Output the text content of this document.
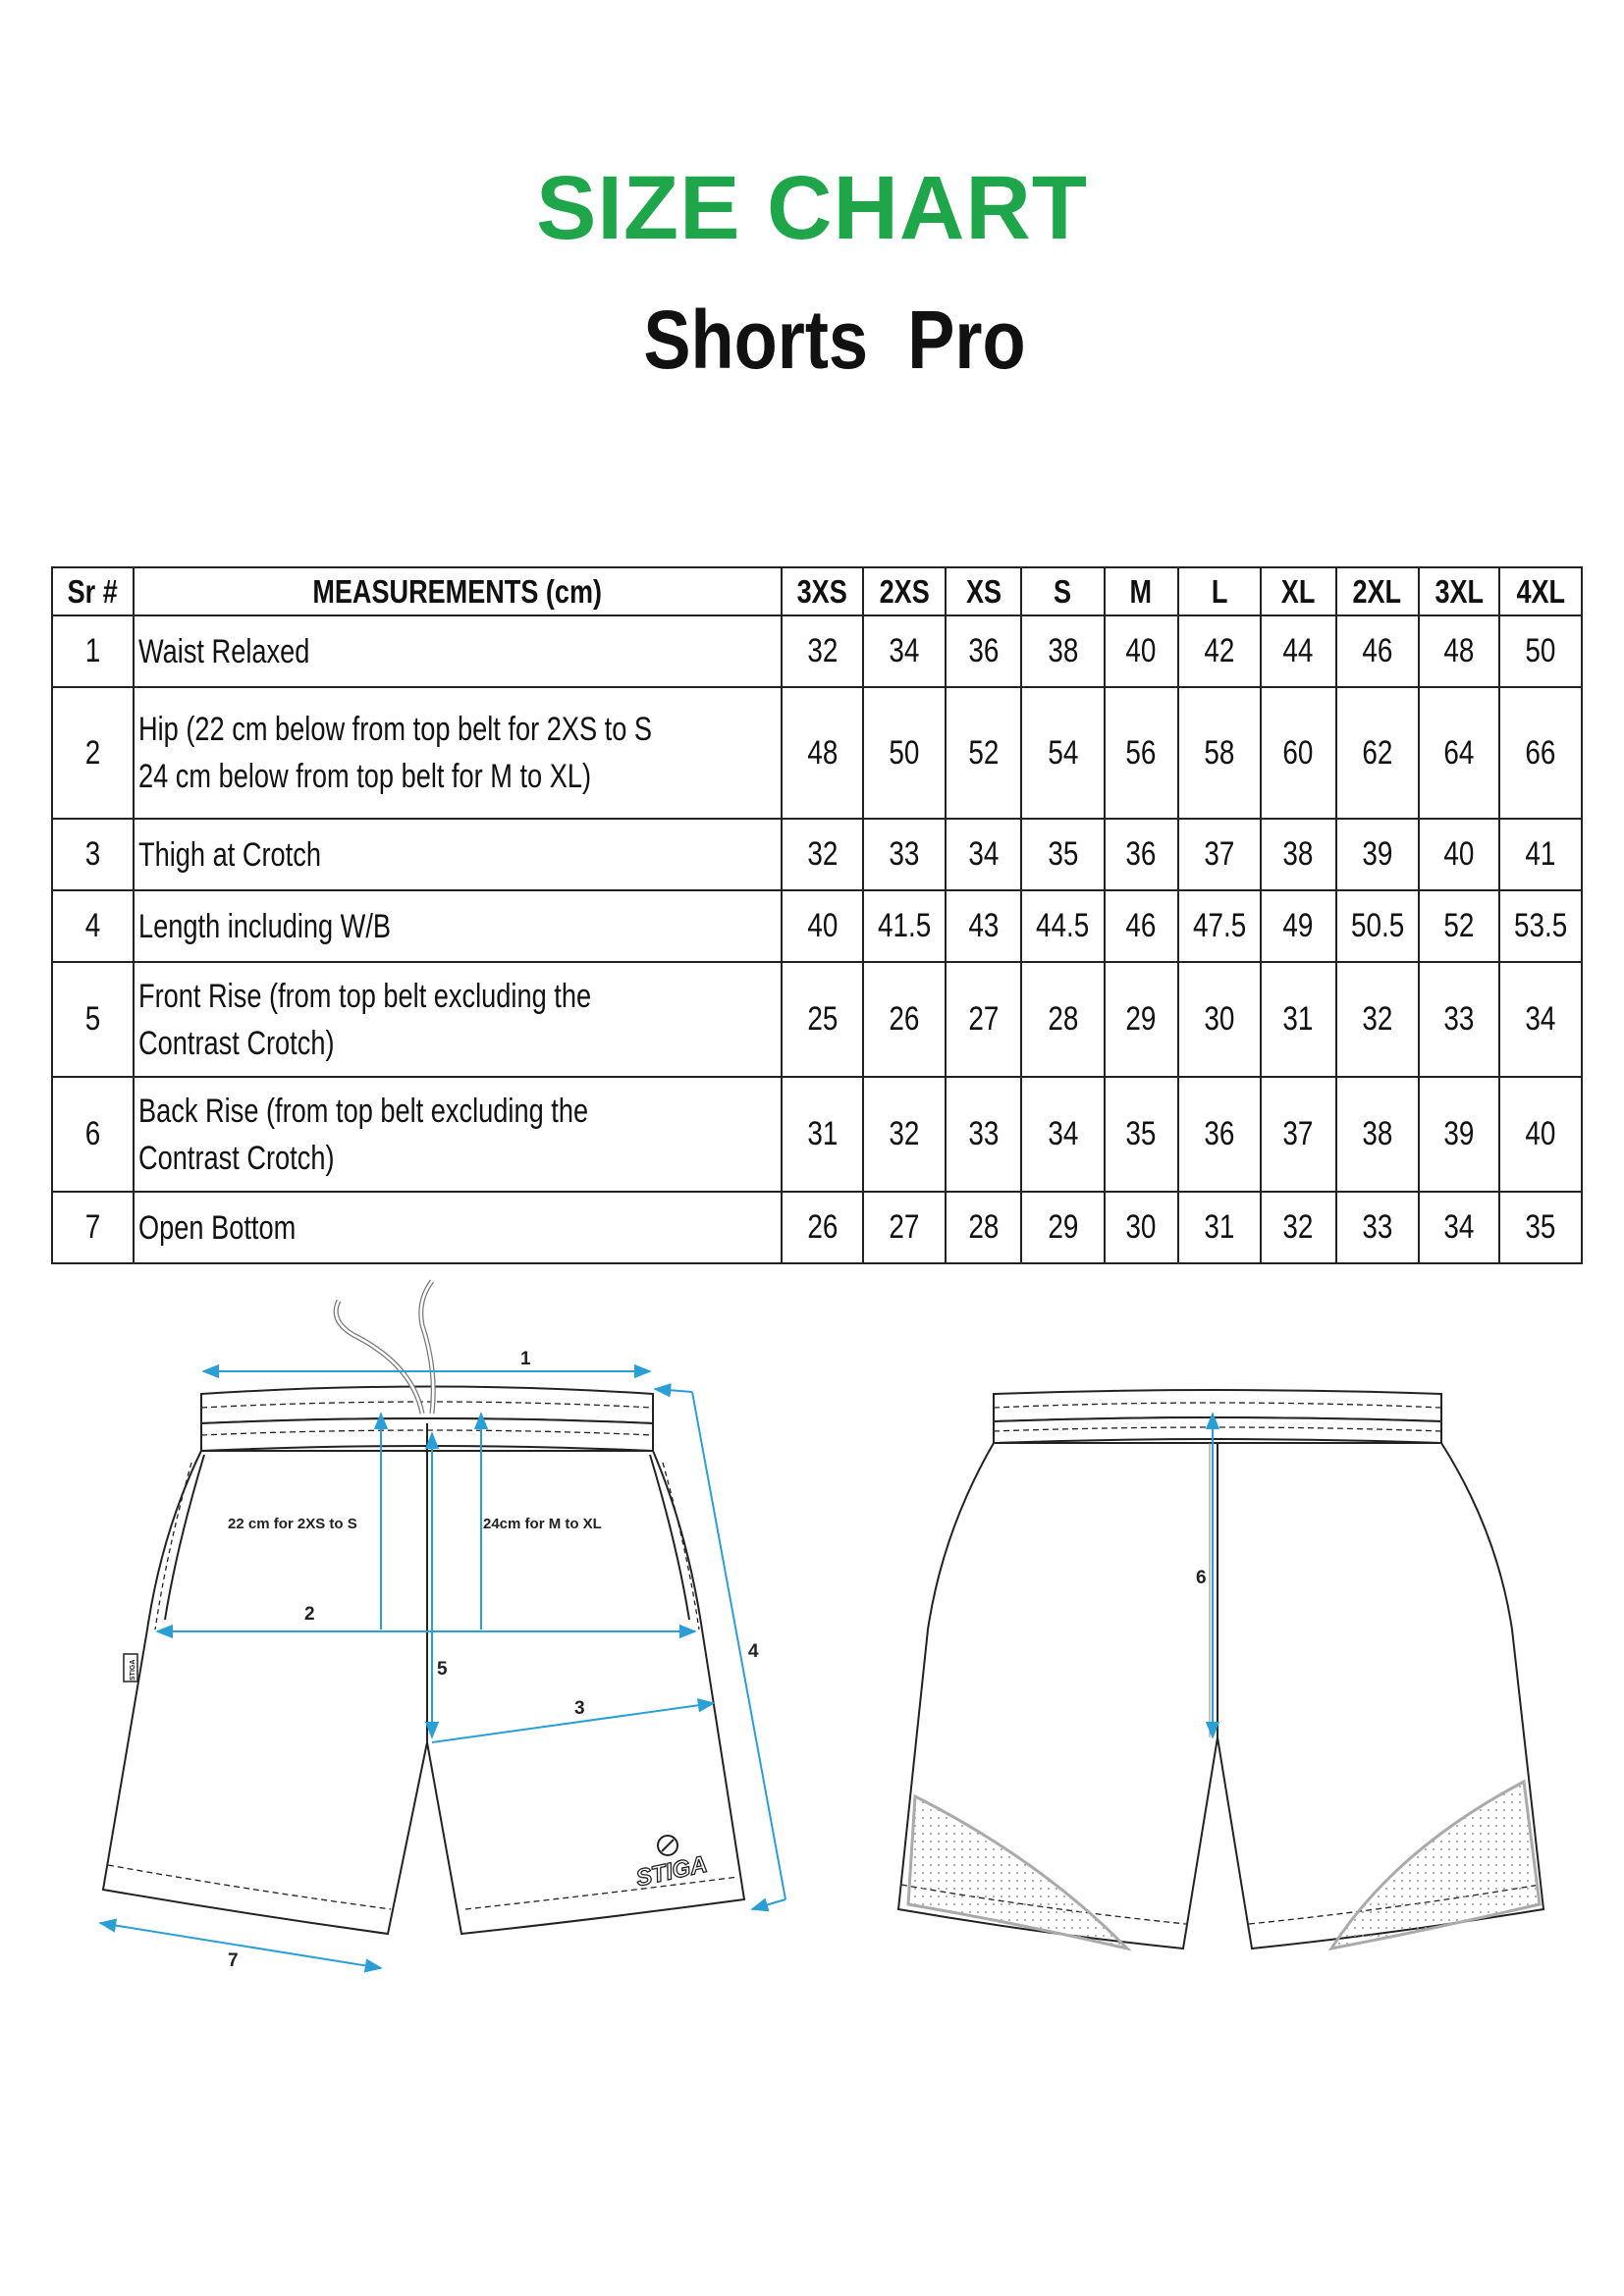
SIZE CHART
Shorts  Pro
Sr #	MEASUREMENTS (cm)	3XS	2XS	XS	S	M	L	XL	2XL	3XL	4XL
1	Waist Relaxed	32	34	36	38	40	42	44	46	48	50
2	Hip (22 cm below from top belt for 2XS to S
24 cm below from top belt for M to XL)	48	50	52	54	56	58	60	62	64	66
3	Thigh at Crotch	32	33	34	35	36	37	38	39	40	41
4	Length including W/B	40	41.5	43	44.5	46	47.5	49	50.5	52	53.5
5	Front Rise (from top belt excluding the
Contrast Crotch)	25	26	27	28	29	30	31	32	33	34
6	Back Rise (from top belt excluding the
Contrast Crotch)	31	32	33	34	35	36	37	38	39	40
7	Open Bottom	26	27	28	29	30	31	32	33	34	35
STIGA
STIGA
1
2
3
4
5
7
22 cm for 2XS to S	24cm for M to XL
6
